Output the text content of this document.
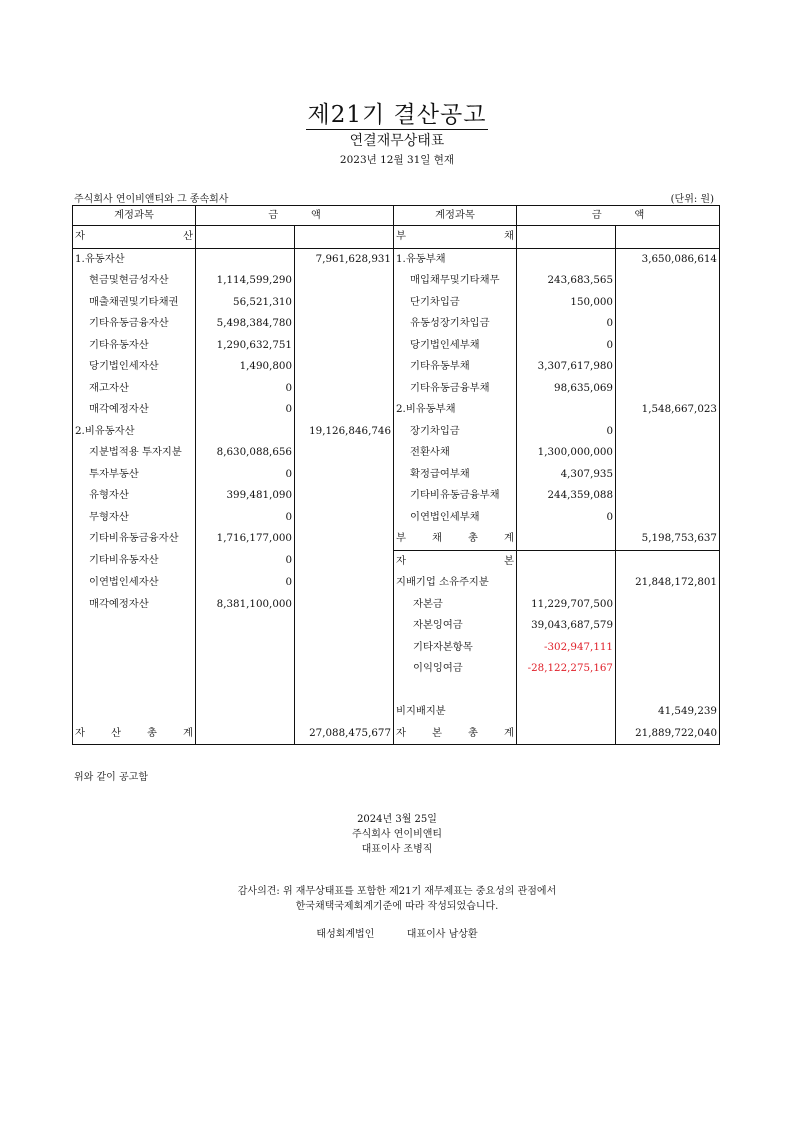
제21기 결산공고
연결재무상태표
2023년 12월 31일 현재
주식회사 연이비앤티와 그 종속회사	(단위: 원)
계정과목	금          액		계정과목	금          액	

자 산			부 채		

1.유동자산		7,961,628,931	1.유동부채		3,650,086,614
현금및현금성자산	1,114,599,290		매입채무및기타채무	243,683,565	
매출채권및기타채권	56,521,310		단기차입금	150,000	
기타유동금융자산	5,498,384,780		유동성장기차입금	0	
기타유동자산	1,290,632,751		당기법인세부채	0	
당기법인세자산	1,490,800		기타유동부채	3,307,617,980	
재고자산	0		기타유동금융부채	98,635,069	
매각예정자산	0		2.비유동부채		1,548,667,023
2.비유동자산		19,126,846,746	장기차입금	0	
지분법적용 투자지분	8,630,088,656		전환사채	1,300,000,000	
투자부동산	0		확정급여부채	4,307,935	
유형자산	399,481,090		기타비유동금융부채	244,359,088	
무형자산	0		이연법인세부채	0	
기타비유동금융자산	1,716,177,000		부 채 총 계		5,198,753,637
기타비유동자산	0		자 본		

이연법인세자산	0		지배기업 소유주지분		21,848,172,801
매각예정자산	8,381,100,000		자본금	11,229,707,500	
			자본잉여금	39,043,687,579	
			기타자본항목	-302,947,111	
			이익잉여금	-28,122,275,167	

			비지배지분		41,549,239

자 산 총 계		27,088,475,677	자 본 총 계		21,889,722,040
위와 같이 공고함
2024년 3월 25일
주식회사 연이비앤티
대표이사 조병직
감사의견: 위 재무상태표를 포함한 제21기 재무제표는 중요성의 관점에서
한국채택국제회계기준에 따라 작성되었습니다.
태성회계법인	대표이사 남상환
